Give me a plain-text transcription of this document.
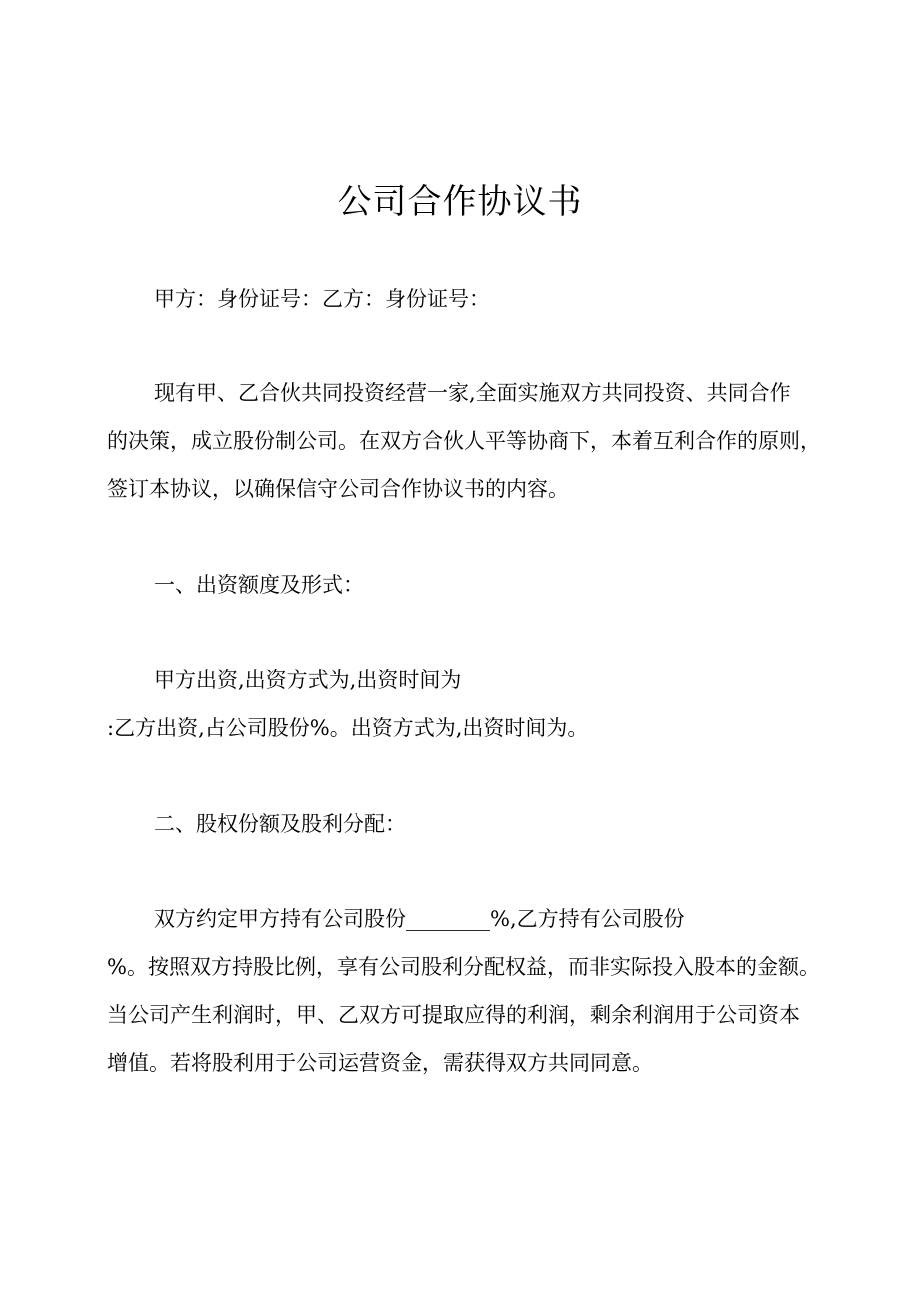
公司合作协议书

甲方：身份证号：乙方：身份证号：

现有甲、乙合伙共同投资经营一家,全面实施双方共同投资、共同合作

的决策，成立股份制公司。在双方合伙人平等协商下，本着互利合作的原则，

签订本协议，以确保信守公司合作协议书的内容。

一、出资额度及形式：

甲方出资,出资方式为,出资时间为

:乙方出资,占公司股份%。出资方式为,出资时间为。

二、股权份额及股利分配：

双方约定甲方持有公司股份________%,乙方持有公司股份

%。按照双方持股比例，享有公司股利分配权益，而非实际投入股本的金额。

当公司产生利润时，甲、乙双方可提取应得的利润，剩余利润用于公司资本

增值。若将股利用于公司运营资金，需获得双方共同同意。
